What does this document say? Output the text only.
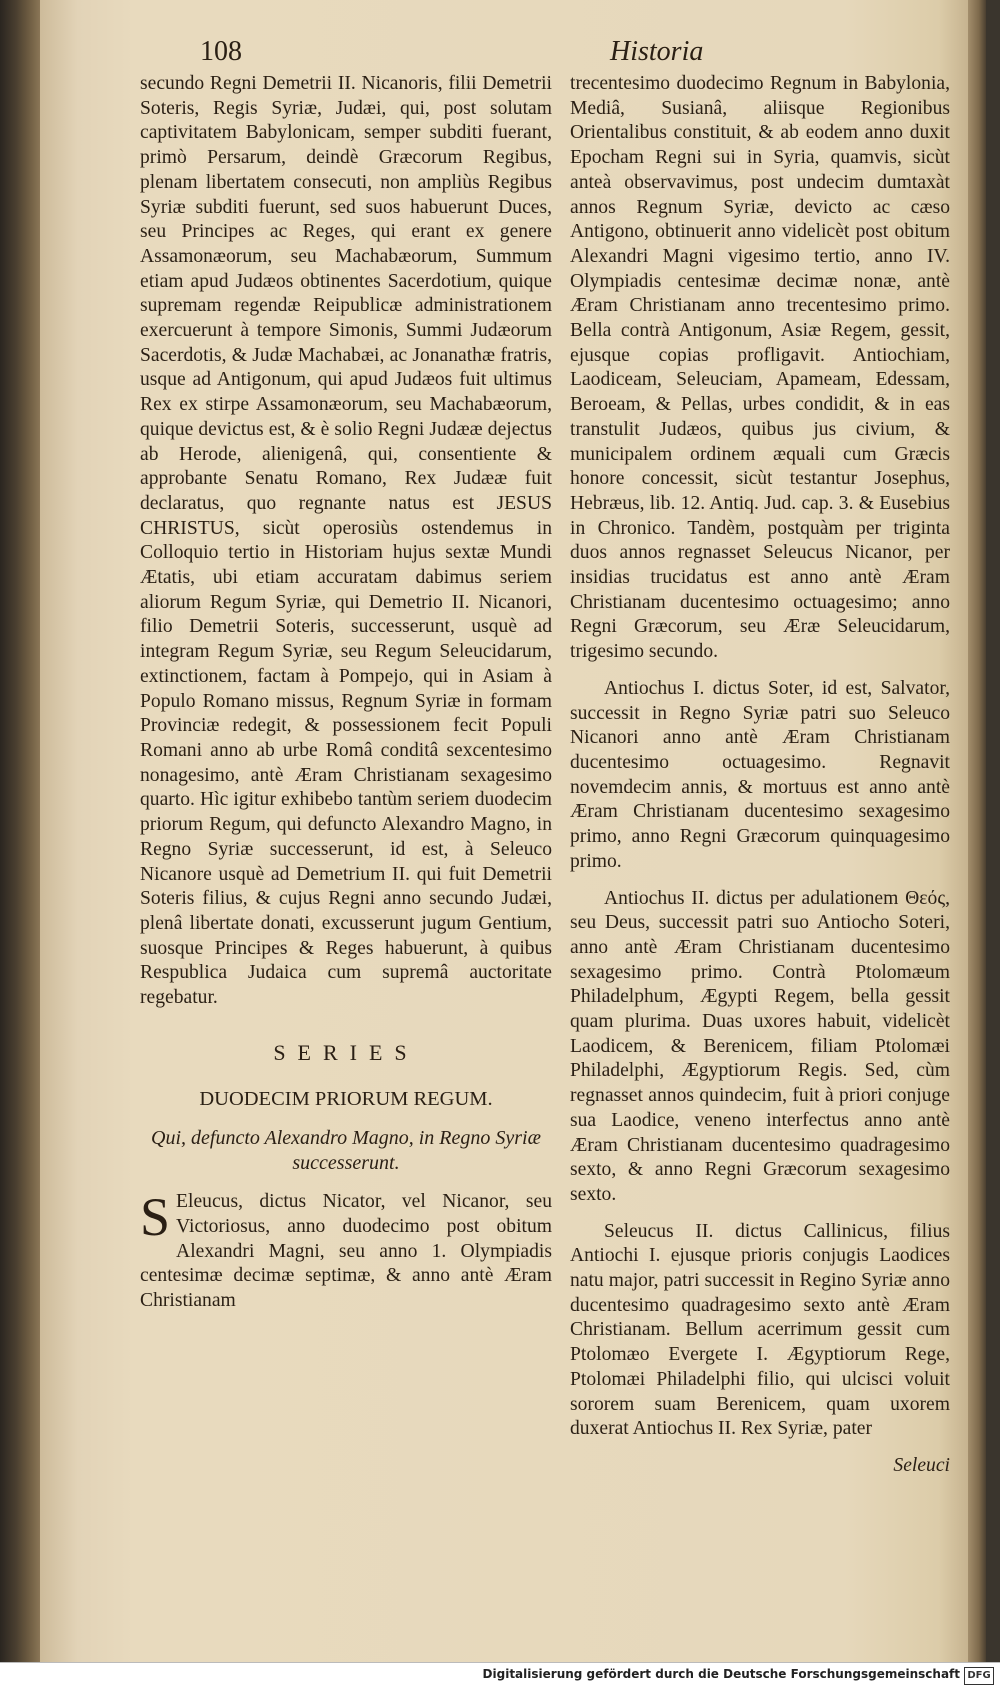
108	Historia

secundo Regni Demetrii II. Nicanoris, filii Demetrii Soteris, Regis Syriæ, Judæi, qui, post solutam captivitatem Babylonicam, semper subditi fuerant, primò Persarum, deindè Græcorum Regibus, plenam libertatem consecuti, non ampliùs Regibus Syriæ subditi fuerunt, sed suos habuerunt Duces, seu Principes ac Reges, qui erant ex genere Assamonæorum, seu Machabæorum, Summum etiam apud Judæos obtinentes Sacerdotium, quique supremam regendæ Reipublicæ administrationem exercuerunt à tempore Simonis, Summi Judæorum Sacerdotis, & Judæ Machabæi, ac Jonanathæ fratris, usque ad Antigonum, qui apud Judæos fuit ultimus Rex ex stirpe Assamonæorum, seu Machabæorum, quique devictus est, & è solio Regni Judææ dejectus ab Herode, alienigenâ, qui, consentiente & approbante Senatu Romano, Rex Judææ fuit declaratus, quo regnante natus est JESUS CHRISTUS, sicùt operosiùs ostendemus in Colloquio tertio in Historiam hujus sextæ Mundi Ætatis, ubi etiam accuratam dabimus seriem aliorum Regum Syriæ, qui Demetrio II. Nicanori, filio Demetrii Soteris, successerunt, usquè ad integram Regum Syriæ, seu Regum Seleucidarum, extinctionem, factam à Pompejo, qui in Asiam à Populo Romano missus, Regnum Syriæ in formam Provinciæ redegit, & possessionem fecit Populi Romani anno ab urbe Româ conditâ sexcentesimo nonagesimo, antè Æram Christianam sexagesimo quarto. Hìc igitur exhibebo tantùm seriem duodecim priorum Regum, qui defuncto Alexandro Magno, in Regno Syriæ successerunt, id est, à Seleuco Nicanore usquè ad Demetrium II. qui fuit Demetrii Soteris filius, & cujus Regni anno secundo Judæi, plenâ libertate donati, excusserunt jugum Gentium, suosque Principes & Reges habuerunt, à quibus Respublica Judaica cum supremâ auctoritate regebatur.

SERIES
DUODECIM PRIORUM REGUM.
Qui, defuncto Alexandro Magno, in Regno Syriæ successerunt.

S Eleucus, dictus Nicator, vel Nicanor, seu Victoriosus, anno duodecimo post obitum Alexandri Magni, seu anno 1. Olympiadis centesimæ decimæ septimæ, & anno antè Æram Christianam

trecentesimo duodecimo Regnum in Babylonia, Mediâ, Susianâ, aliisque Regionibus Orientalibus constituit, & ab eodem anno duxit Epocham Regni sui in Syria, quamvis, sicùt anteà observavimus, post undecim dumtaxàt annos Regnum Syriæ, devicto ac cæso Antigono, obtinuerit anno videlicèt post obitum Alexandri Magni vigesimo tertio, anno IV. Olympiadis centesimæ decimæ nonæ, antè Æram Christianam anno trecentesimo primo. Bella contrà Antigonum, Asiæ Regem, gessit, ejusque copias profligavit. Antiochiam, Laodiceam, Seleuciam, Apameam, Edessam, Beroeam, & Pellas, urbes condidit, & in eas transtulit Judæos, quibus jus civium, & municipalem ordinem æquali cum Græcis honore concessit, sicùt testantur Josephus, Hebræus, lib. 12. Antiq. Jud. cap. 3. & Eusebius in Chronico. Tandèm, postquàm per triginta duos annos regnasset Seleucus Nicanor, per insidias trucidatus est anno antè Æram Christianam ducentesimo octuagesimo; anno Regni Græcorum, seu Æræ Seleucidarum, trigesimo secundo.

Antiochus I. dictus Soter, id est, Salvator, successit in Regno Syriæ patri suo Seleuco Nicanori anno antè Æram Christianam ducentesimo octuagesimo. Regnavit novemdecim annis, & mortuus est anno antè Æram Christianam ducentesimo sexagesimo primo, anno Regni Græcorum quinquagesimo primo.

Antiochus II. dictus per adulationem Θεός, seu Deus, successit patri suo Antiocho Soteri, anno antè Æram Christianam ducentesimo sexagesimo primo. Contrà Ptolomæum Philadelphum, Ægypti Regem, bella gessit quam plurima. Duas uxores habuit, videlicèt Laodicem, & Berenicem, filiam Ptolomæi Philadelphi, Ægyptiorum Regis. Sed, cùm regnasset annos quindecim, fuit à priori conjuge sua Laodice, veneno interfectus anno antè Æram Christianam ducentesimo quadragesimo sexto, & anno Regni Græcorum sexagesimo sexto.

Seleucus II. dictus Callinicus, filius Antiochi I. ejusque prioris conjugis Laodices natu major, patri successit in Regino Syriæ anno ducentesimo quadragesimo sexto antè Æram Christianam. Bellum acerrimum gessit cum Ptolomæo Evergete I. Ægyptiorum Rege, Ptolomæi Philadelphi filio, qui ulcisci voluit sororem suam Berenicem, quam uxorem duxerat Antiochus II. Rex Syriæ, pater

Seleuci

Digitalisierung gefördert durch die Deutsche Forschungsgemeinschaft DFG
